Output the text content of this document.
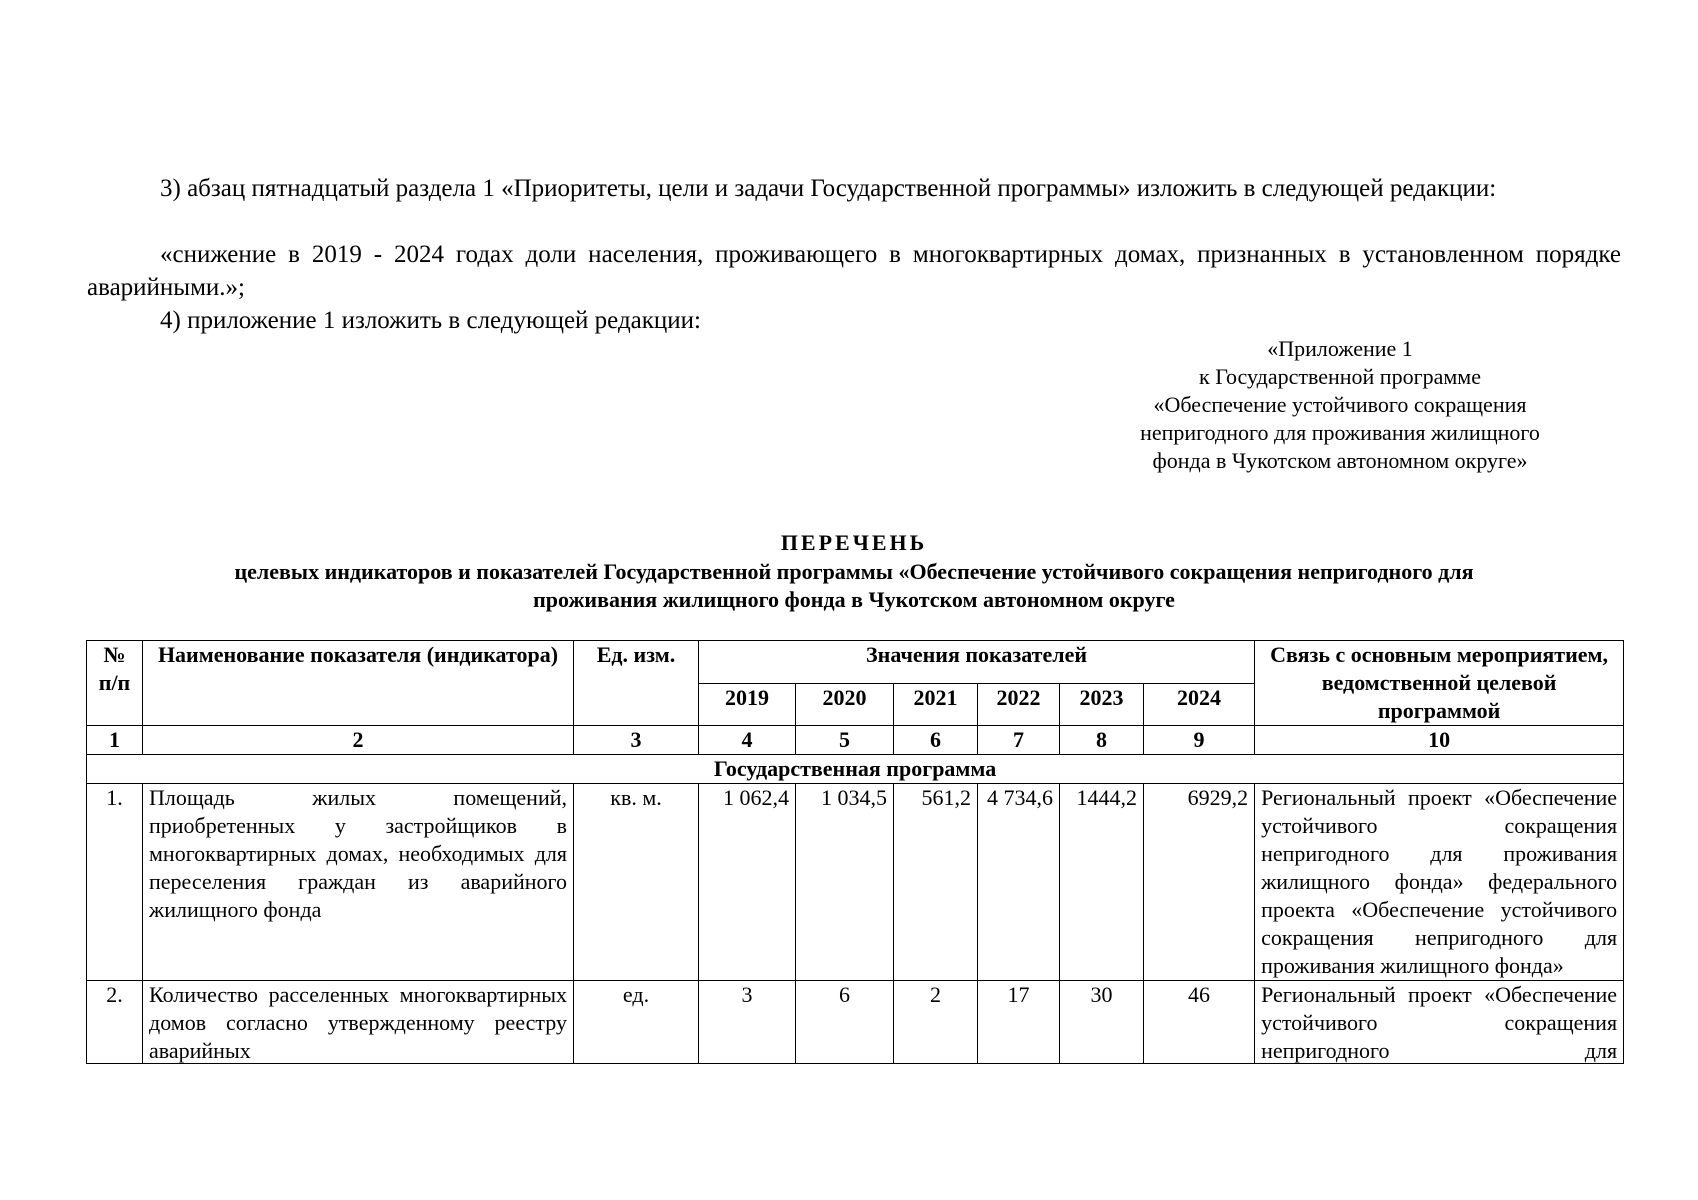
3) абзац пятнадцатый раздела 1 «Приоритеты, цели и задачи Государственной программы» изложить в следующей редакции:

«снижение в 2019 - 2024 годах доли населения, проживающего в многоквартирных домах, признанных в установленном порядке аварийными.»;

4) приложение 1 изложить в следующей редакции:

«Приложение 1
к Государственной программе
«Обеспечение устойчивого сокращения
непригодного для проживания жилищного
фонда в Чукотском автономном округе»
ПЕРЕЧЕНЬ
целевых индикаторов и показателей Государственной программы «Обеспечение устойчивого сокращения непригодного для
проживания жилищного фонда в Чукотском автономном округе
№ п/п	Наименование показателя (индикатора)	Ед. изм.	Значения показателей						Связь с основным мероприятием, ведомственной целевой программой
			2019	2020	2021	2022	2023	2024	
1	2	3	4	5	6	7	8	9	10
Государственная программа									
1.	Площадь жилых помещений, приобретенных у застройщиков в многоквартирных домах, необходимых для переселения граждан из аварийного жилищного фонда	кв. м.	1 062,4	1 034,5	561,2	4 734,6	1444,2	6929,2	Региональный проект «Обеспечение устойчивого сокращения непригодного для проживания жилищного фонда» федерального проекта «Обеспечение устойчивого сокращения непригодного для проживания жилищного фонда»
2.	Количество расселенных многоквартирных домов согласно утвержденному реестру аварийных	ед.	3	6	2	17	30	46	Региональный проект «Обеспечение устойчивого сокращения непригодного для
